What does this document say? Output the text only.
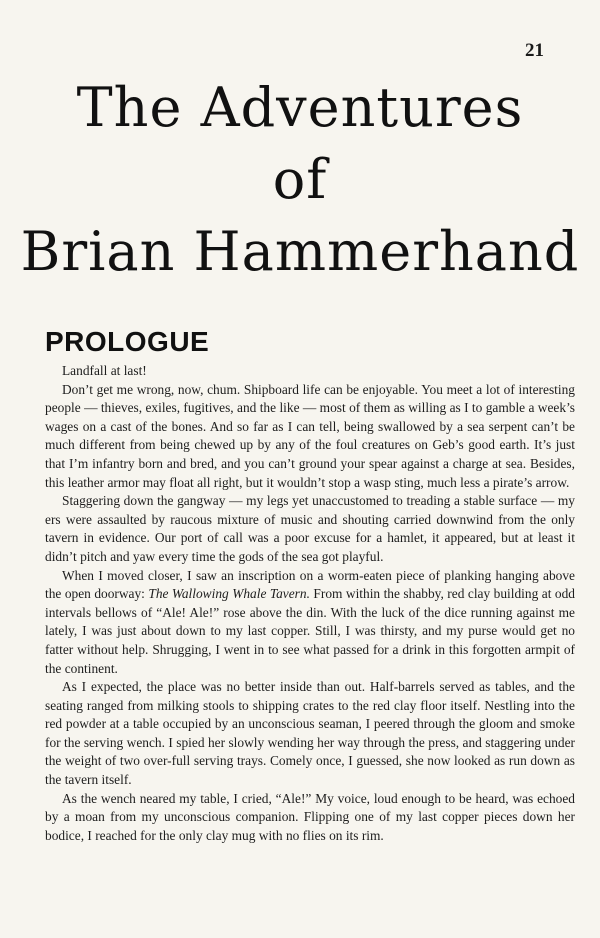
21
The Adventures
of
Brian Hammerhand
PROLOGUE

Landfall at last!

Don’t get me wrong, now, chum. Shipboard life can be enjoyable. You meet a lot of interesting people — thieves, exiles, fugitives, and the like — most of them as willing as I to gamble a week’s wages on a cast of the bones. And so far as I can tell, being swallowed by a sea serpent can’t be much different from being chewed up by any of the foul creatures on Geb’s good earth. It’s just that I’m infantry born and bred, and you can’t ground your spear against a charge at sea. Besides, this leather armor may float all right, but it wouldn’t stop a wasp sting, much less a pirate’s arrow.

Staggering down the gangway — my legs yet unaccustomed to treading a stable surface — my ers were assaulted by raucous mixture of music and shouting carried downwind from the only tavern in evidence. Our port of call was a poor excuse for a hamlet, it appeared, but at least it didn’t pitch and yaw every time the gods of the sea got playful.

When I moved closer, I saw an inscription on a worm-eaten piece of planking hanging above the open doorway: The Wallowing Whale Tavern. From within the shabby, red clay building at odd intervals bellows of “Ale! Ale!” rose above the din. With the luck of the dice running against me lately, I was just about down to my last copper. Still, I was thirsty, and my purse would get no fatter without help. Shrugging, I went in to see what passed for a drink in this forgotten armpit of the continent.

As I expected, the place was no better inside than out. Half-barrels served as tables, and the seating ranged from milking stools to shipping crates to the red clay floor itself. Nestling into the red powder at a table occupied by an unconscious seaman, I peered through the gloom and smoke for the serving wench. I spied her slowly wending her way through the press, and staggering under the weight of two over-full serving trays. Comely once, I guessed, she now looked as run down as the tavern itself.

As the wench neared my table, I cried, “Ale!” My voice, loud enough to be heard, was echoed by a moan from my unconscious companion. Flipping one of my last copper pieces down her bodice, I reached for the only clay mug with no flies on its rim.
